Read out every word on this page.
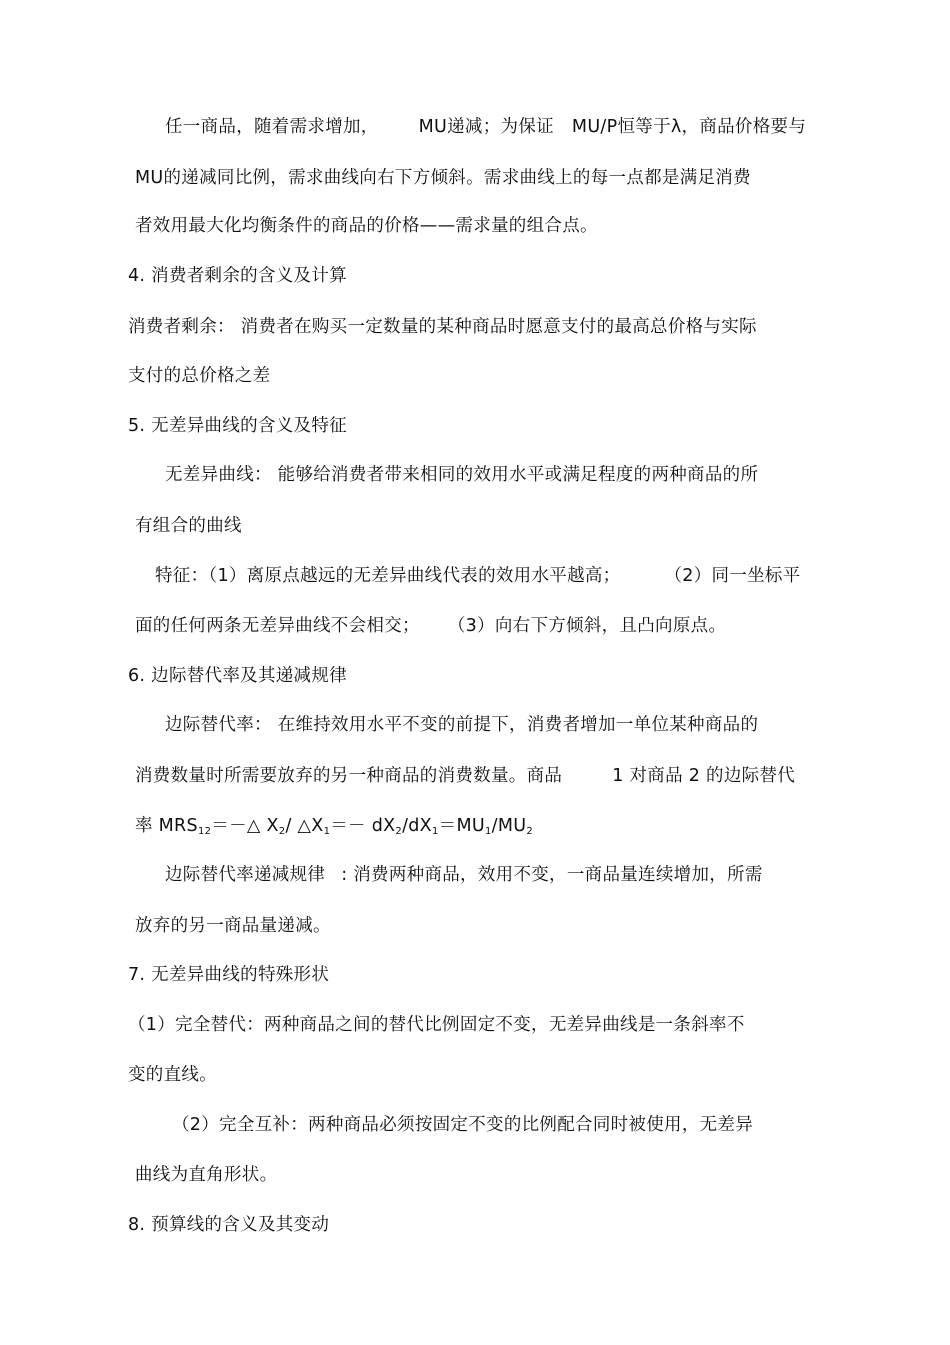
任一商品，随着需求增加， MU递减；为保证 MU/P恒等于λ，商品价格要与
MU的递减同比例，需求曲线向右下方倾斜。需求曲线上的每一点都是满足消费
者效用最大化均衡条件的商品的价格——需求量的组合点。
4. 消费者剩余的含义及计算
消费者剩余： 消费者在购买一定数量的某种商品时愿意支付的最高总价格与实际
支付的总价格之差
5. 无差异曲线的含义及特征
无差异曲线： 能够给消费者带来相同的效用水平或满足程度的两种商品的所
有组合的曲线
特征：（1）离原点越远的无差异曲线代表的效用水平越高；	（2）同一坐标平
面的任何两条无差异曲线不会相交； （3）向右下方倾斜，且凸向原点。
6. 边际替代率及其递减规律
边际替代率： 在维持效用水平不变的前提下，消费者增加一单位某种商品的
消费数量时所需要放弃的另一种商品的消费数量。商品	1 对商品 2 的边际替代
率 $MRS_{12}=-\triangle$ $X_2/$ $\triangle X_1=- dX_2/dX_1=MU_1/MU_2$
边际替代率递减规律 : 消费两种商品，效用不变，一商品量连续增加，所需
放弃的另一商品量递减。
7. 无差异曲线的特殊形状
（1）完全替代：两种商品之间的替代比例固定不变，无差异曲线是一条斜率不
变的直线。
（2）完全互补：两种商品必须按固定不变的比例配合同时被使用，无差异
曲线为直角形状。
8. 预算线的含义及其变动
